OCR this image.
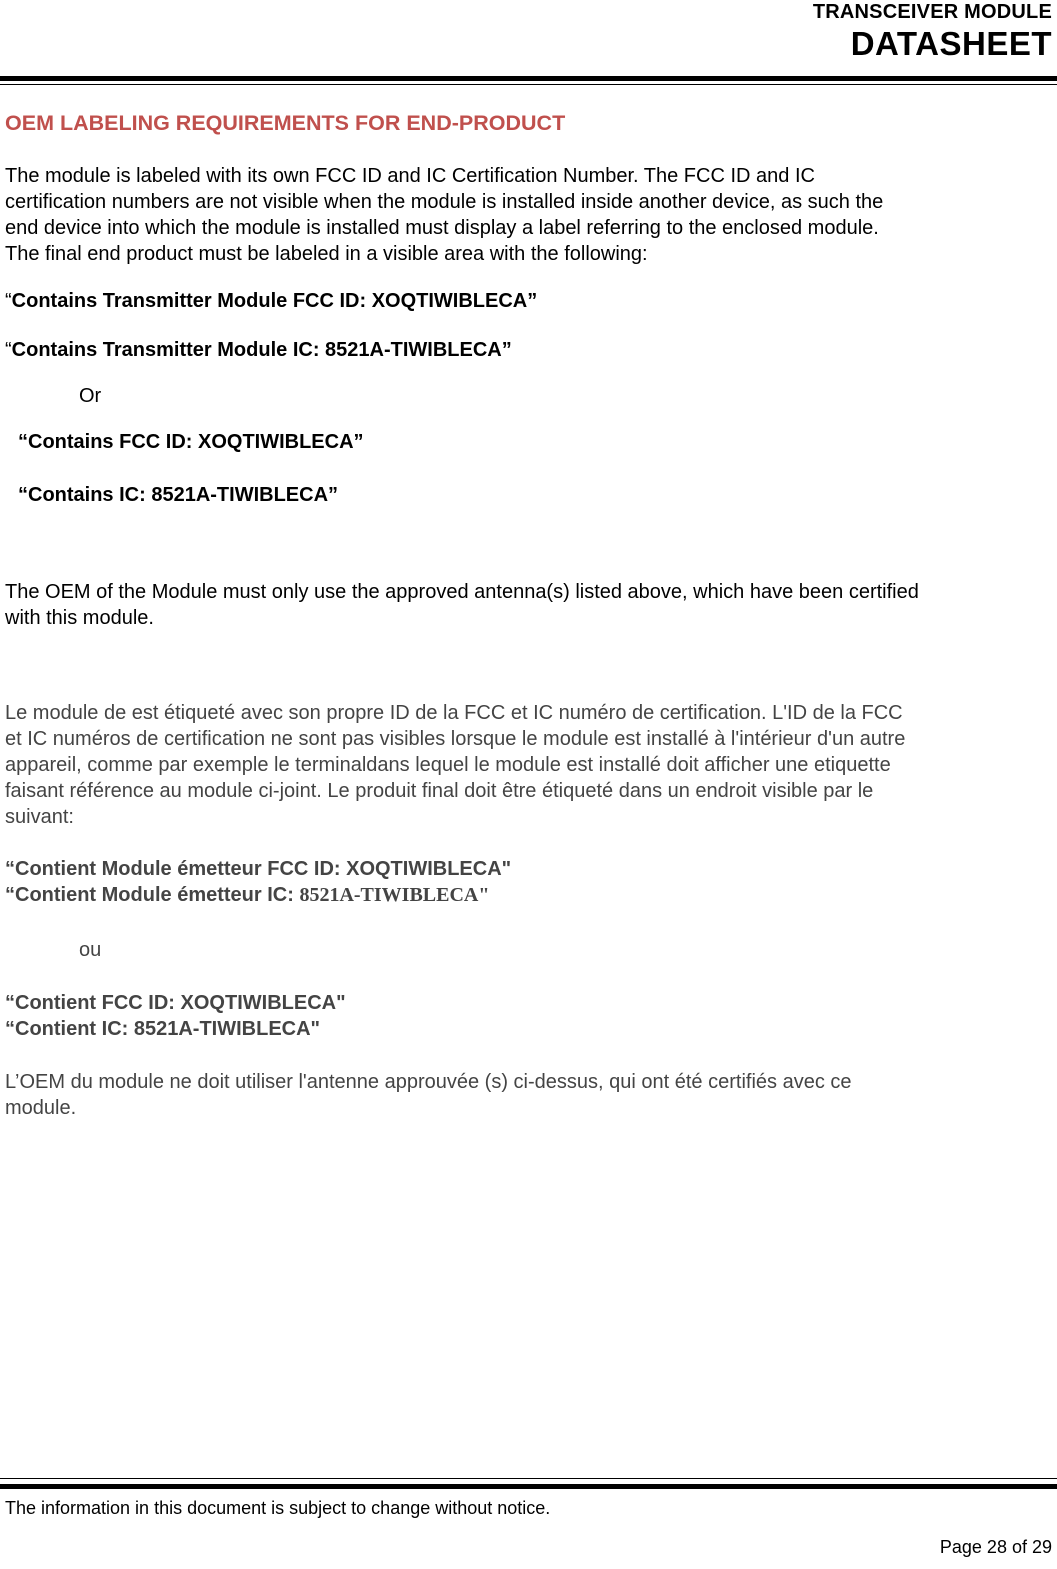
TRANSCEIVER MODULE
DATASHEET
OEM LABELING REQUIREMENTS FOR END-PRODUCT
The module is labeled with its own FCC ID and IC Certification Number. The FCC ID and IC
certification numbers are not visible when the module is installed inside another device, as such the
end device into which the module is installed must display a label referring to the enclosed module.
The final end product must be labeled in a visible area with the following:
“Contains Transmitter Module FCC ID: XOQTIWIBLECA”
“Contains Transmitter Module IC: 8521A-TIWIBLECA”
Or
“Contains FCC ID: XOQTIWIBLECA”
“Contains IC: 8521A-TIWIBLECA”
The OEM of the Module must only use the approved antenna(s) listed above, which have been certified
with this module.
Le module de est étiqueté avec son propre ID de la FCC et IC numéro de certification. L'ID de la FCC
et IC numéros de certification ne sont pas visibles lorsque le module est installé à l'intérieur d'un autre
appareil, comme par exemple le terminaldans lequel le module est installé doit afficher une etiquette
faisant référence au module ci-joint. Le produit final doit être étiqueté dans un endroit visible par le
suivant:
“Contient Module émetteur FCC ID: XOQTIWIBLECA"
“Contient Module émetteur IC: 8521A-TIWIBLECA"
ou
“Contient FCC ID: XOQTIWIBLECA"
“Contient IC: 8521A-TIWIBLECA"
L’OEM du module ne doit utiliser l'antenne approuvée (s) ci-dessus, qui ont été certifiés avec ce
module.
The information in this document is subject to change without notice.
Page 28 of 29
